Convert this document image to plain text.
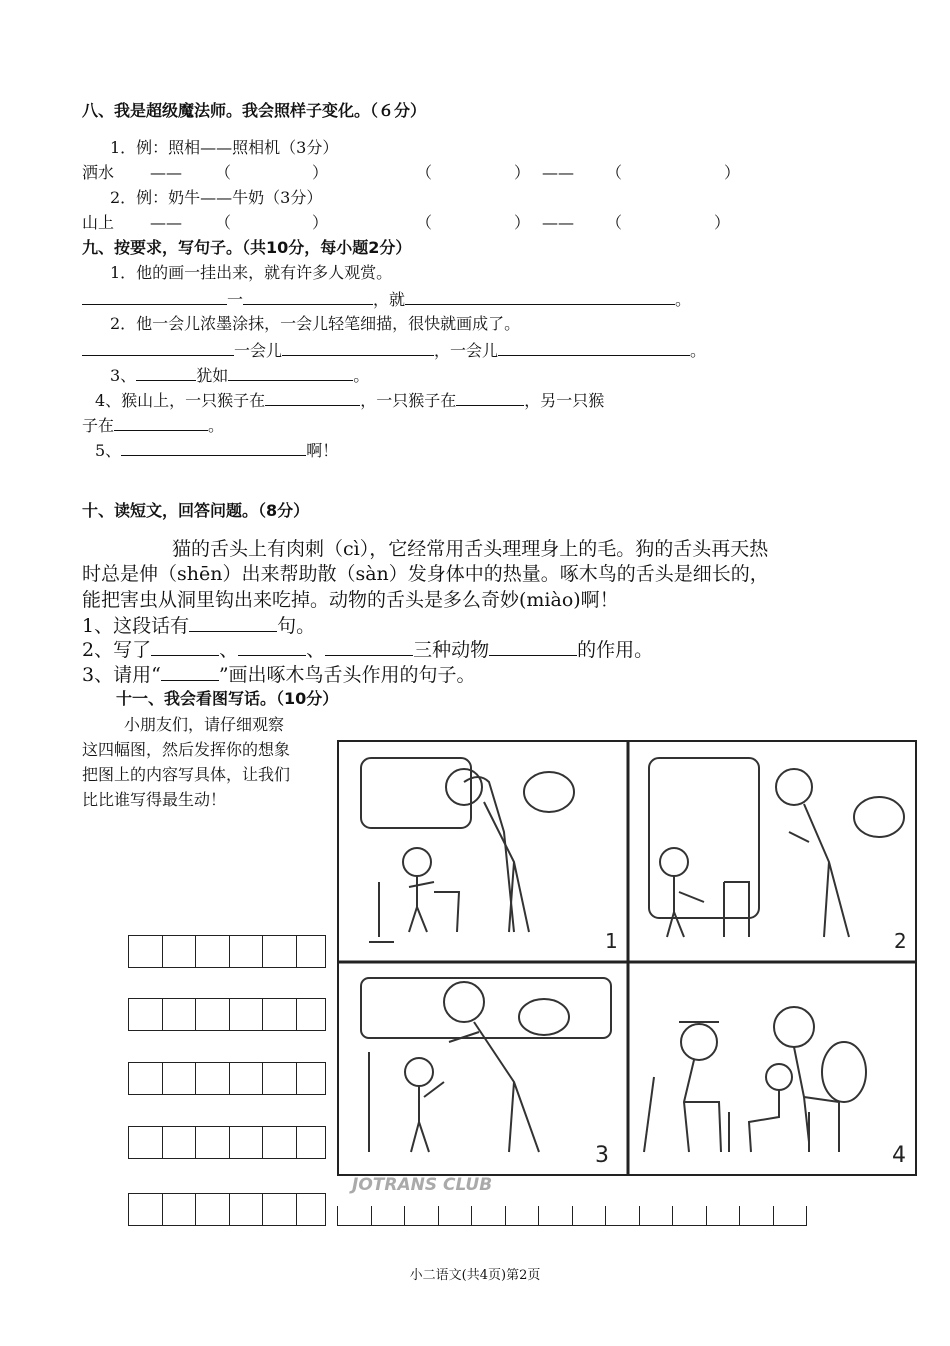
八、我是超级魔法师。我会照样子变化。（６分）
1．例：照相——照相机（3分）
洒水 —— （	）	（	） —— （	）
2．例：奶牛——牛奶（3分）
山上 —— （	）	（	） —— （	）
九、按要求，写句子。（共10分，每小题2分）
1．他的画一挂出来，就有许多人观赏。
一	，就	。
2．他一会儿浓墨涂抹，一会儿轻笔细描，很快就画成了。
一会儿	，一会儿	。
3、	犹如	。
4、猴山上，一只猴子在	，一只猴子在	，另一只猴
子在	。
5、	啊！
十、读短文，回答问题。（8分）
猫的舌头上有肉刺（cì），它经常用舌头理理身上的毛。狗的舌头再天热
时总是伸（shēn）出来帮助散（sàn）发身体中的热量。啄木鸟的舌头是细长的，
能把害虫从洞里钩出来吃掉。动物的舌头是多么奇妙(miào)啊！
1、这段话有	句。
2、写了	、	、	三种动物	的作用。
3、请用“	”画出啄木鸟舌头作用的句子。
十一、我会看图写话。（10分）
小朋友们，请仔细观察
这四幅图，然后发挥你的想象
把图上的内容写具体，让我们
比比谁写得最生动！
1	2
3	4
JOTRANS CLUB
小二语文(共4页)第2页
